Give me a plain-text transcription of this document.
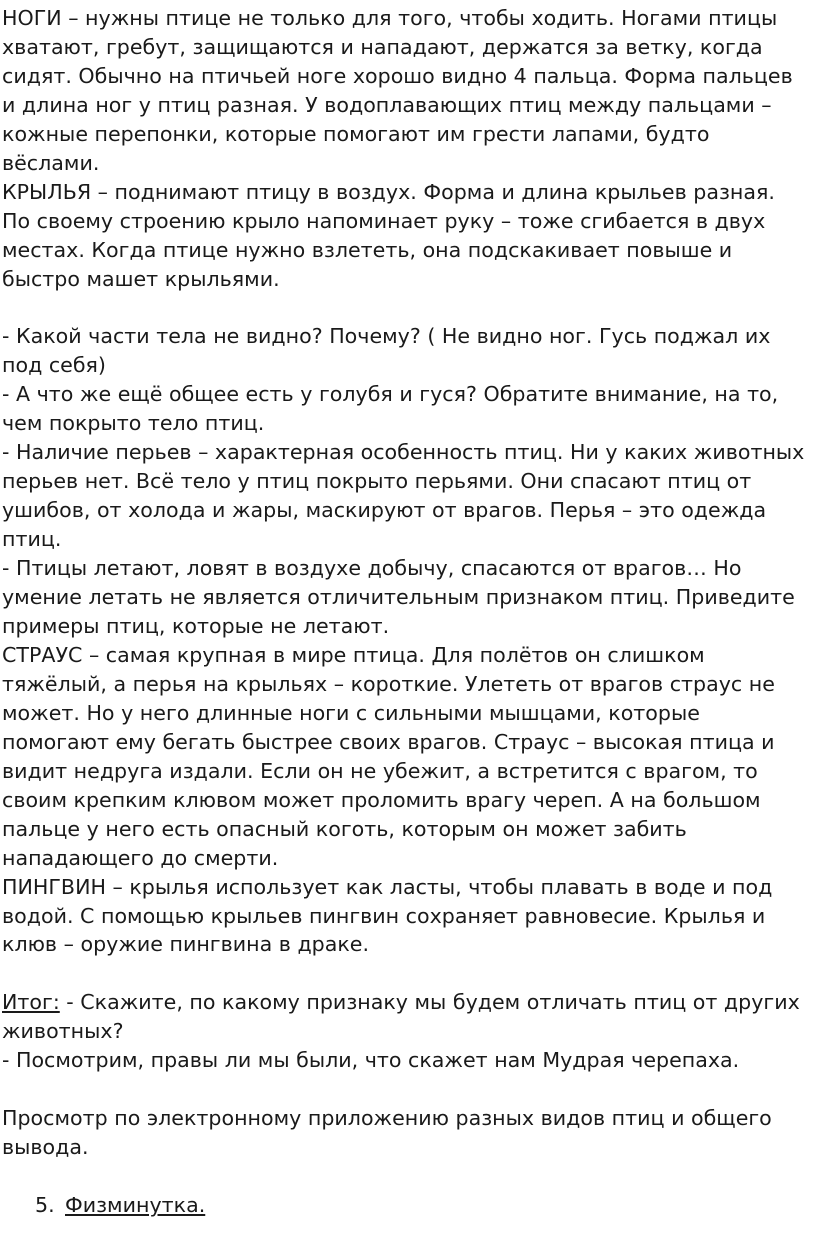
НОГИ – нужны птице не только для того, чтобы ходить. Ногами птицы хватают, гребут, защищаются и нападают, держатся за ветку, когда сидят. Обычно на птичьей ноге хорошо видно 4 пальца. Форма пальцев и длина ног у птиц разная. У водоплавающих птиц между пальцами – кожные перепонки, которые помогают им грести лапами, будто вёслами.

КРЫЛЬЯ – поднимают птицу в воздух. Форма и длина крыльев разная. По своему строению крыло напоминает руку – тоже сгибается в двух местах. Когда птице нужно взлететь, она подскакивает повыше и быстро машет крыльями.

- Какой части тела не видно? Почему? ( Не видно ног. Гусь поджал их под себя)

- А что же ещё общее есть у голубя и гуся? Обратите внимание, на то, чем покрыто тело птиц.

- Наличие перьев – характерная особенность птиц. Ни у каких животных перьев нет. Всё тело у птиц покрыто перьями. Они спасают птиц от ушибов, от холода и жары, маскируют от врагов. Перья – это одежда птиц.

- Птицы летают, ловят в воздухе добычу, спасаются от врагов… Но умение летать не является отличительным признаком птиц. Приведите примеры птиц, которые не летают.

СТРАУС – самая крупная в мире птица. Для полётов он слишком тяжёлый, а перья на крыльях – короткие. Улететь от врагов страус не может. Но у него длинные ноги с сильными мышцами, которые помогают ему бегать быстрее своих врагов. Страус – высокая птица и видит недруга издали. Если он не убежит, а встретится с врагом, то своим крепким клювом может проломить врагу череп. А на большом пальце у него есть опасный коготь, которым он может забить нападающего до смерти.

ПИНГВИН – крылья использует как ласты, чтобы плавать в воде и под водой. С помощью крыльев пингвин сохраняет равновесие. Крылья и клюв – оружие пингвина в драке.

Итог: - Скажите, по какому признаку мы будем отличать птиц от других животных?

- Посмотрим, правы ли мы были, что скажет нам Мудрая черепаха.

Просмотр по электронному приложению разных видов птиц и общего вывода.

5. Физминутка.
